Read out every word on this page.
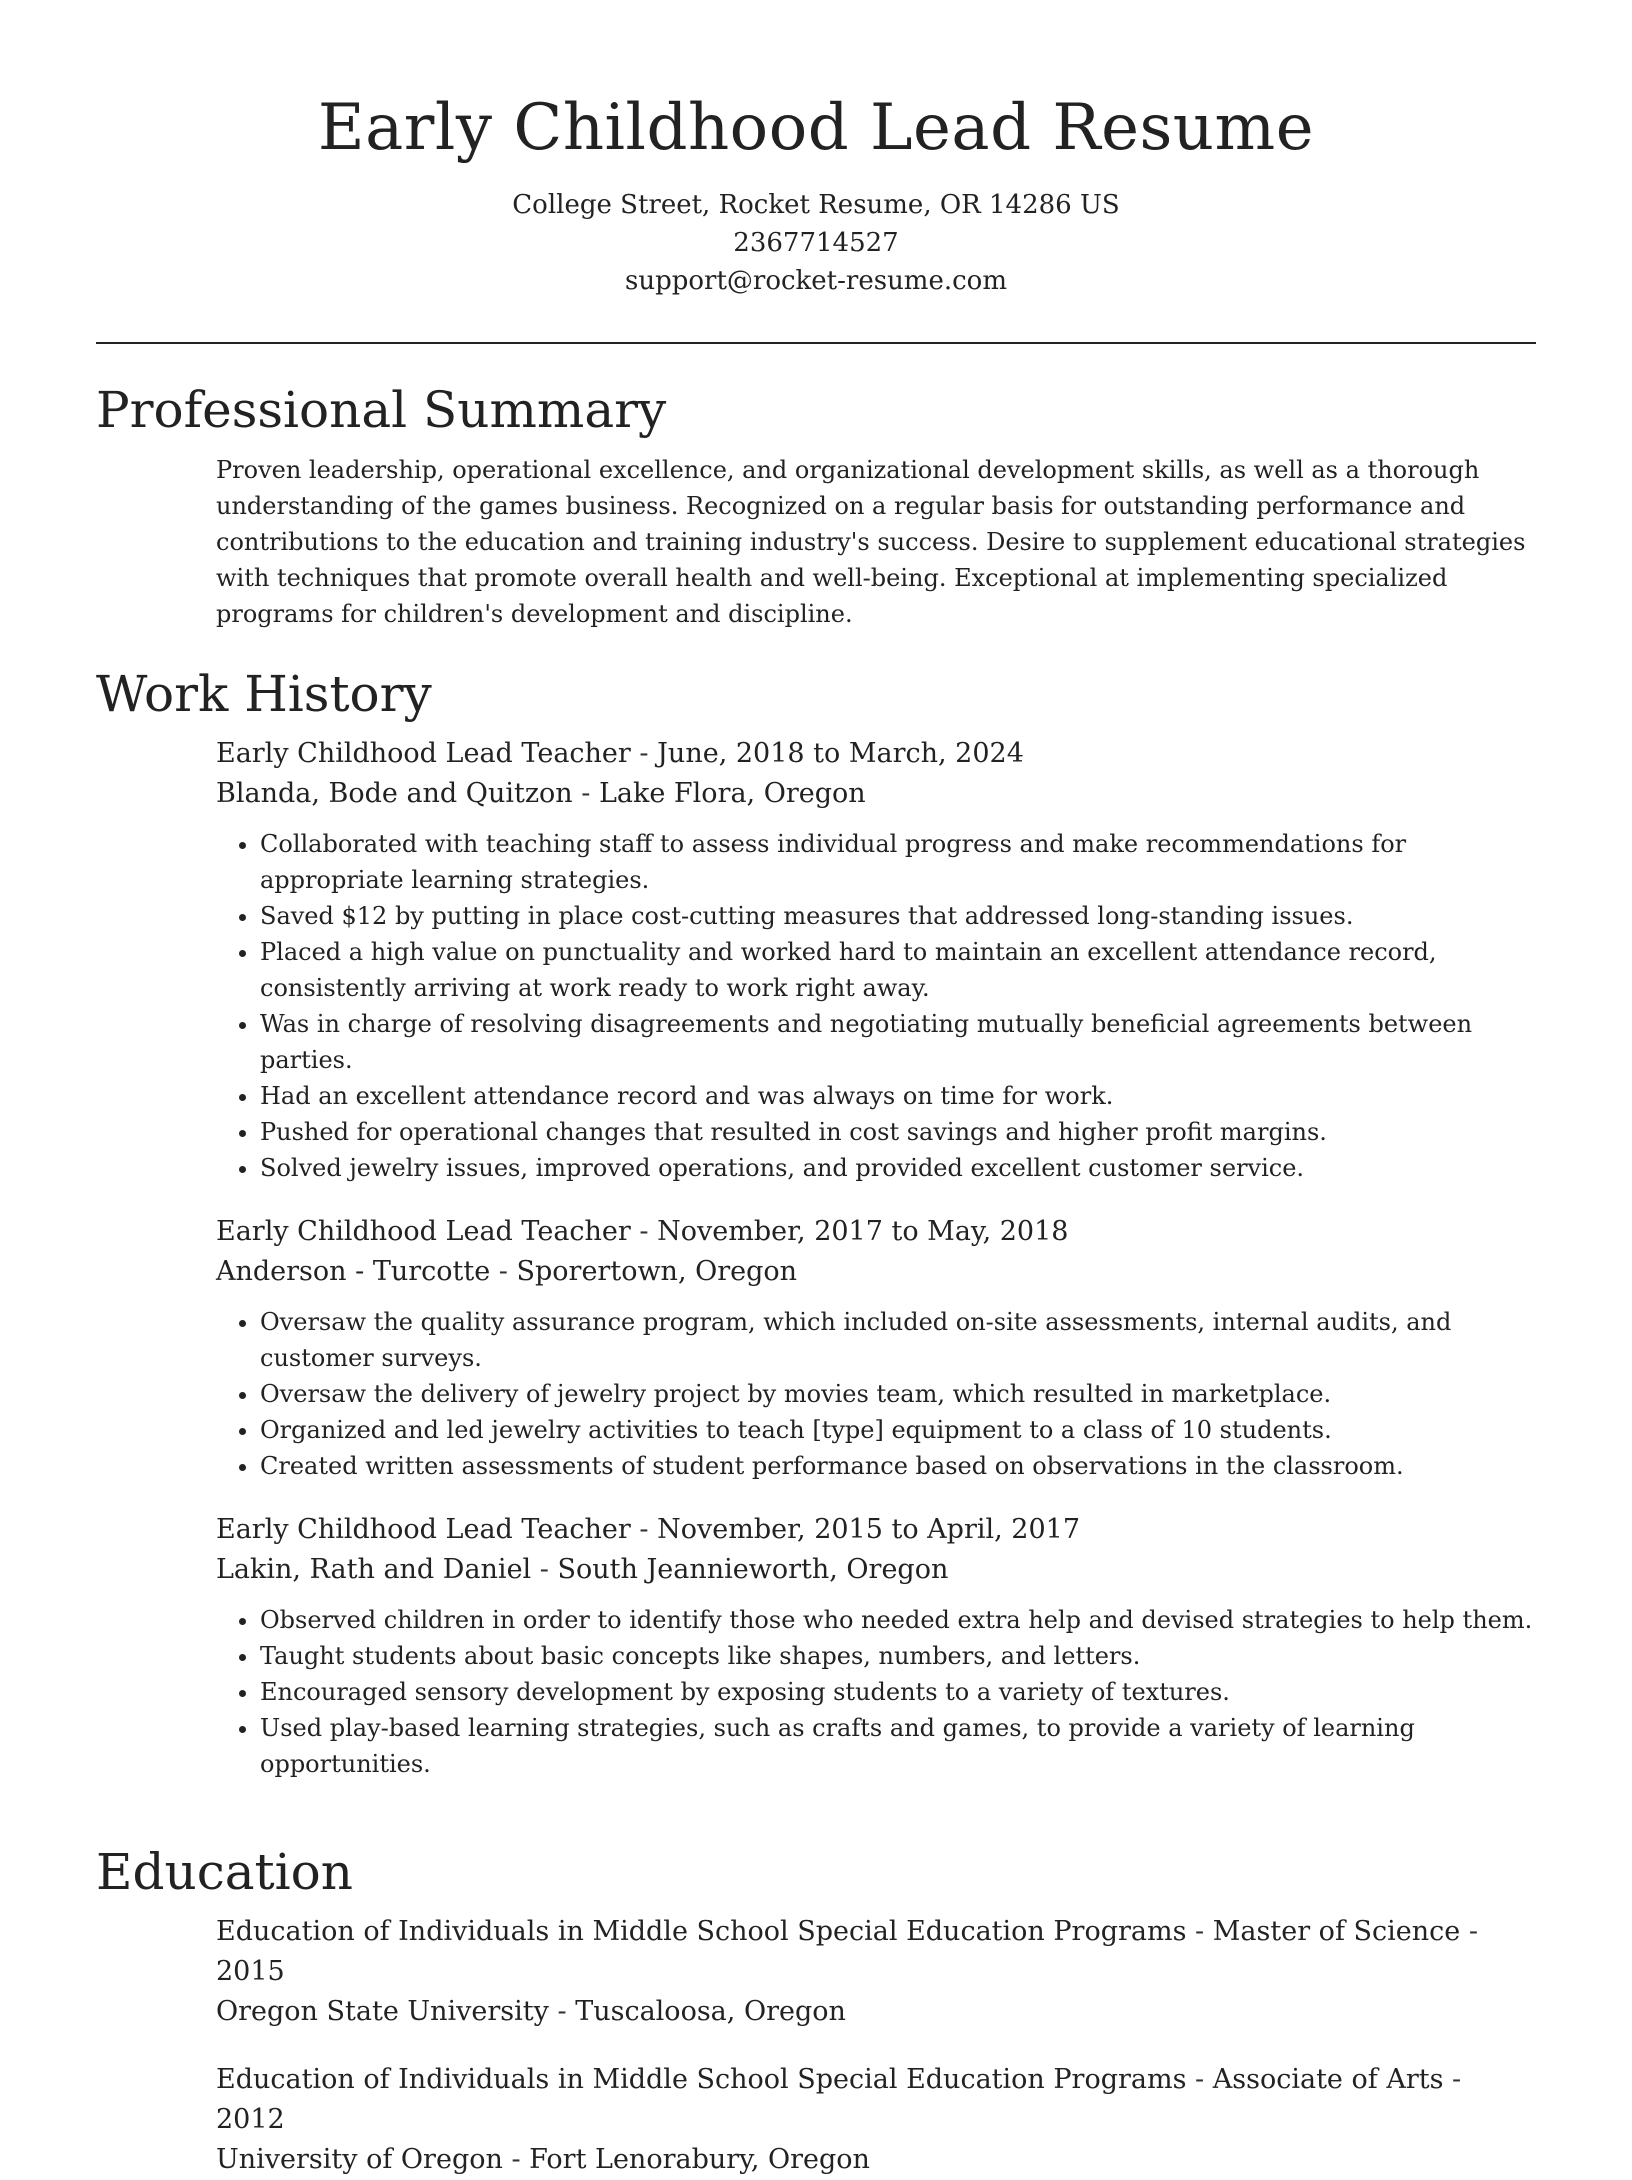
Early Childhood Lead Resume
College Street, Rocket Resume, OR 14286 US
2367714527
support@rocket-resume.com
Professional Summary

Proven leadership, operational excellence, and organizational development skills, as well as a thorough understanding of the games business. Recognized on a regular basis for outstanding performance and contributions to the education and training industry's success. Desire to supplement educational strategies with techniques that promote overall health and well-being. Exceptional at implementing specialized programs for children's development and discipline.

Work History
Early Childhood Lead Teacher - June, 2018 to March, 2024
Blanda, Bode and Quitzon - Lake Flora, Oregon
• Collaborated with teaching staff to assess individual progress and make recommendations for appropriate learning strategies.
• Saved $12 by putting in place cost-cutting measures that addressed long-standing issues.
• Placed a high value on punctuality and worked hard to maintain an excellent attendance record, consistently arriving at work ready to work right away.
• Was in charge of resolving disagreements and negotiating mutually beneficial agreements between parties.
• Had an excellent attendance record and was always on time for work.
• Pushed for operational changes that resulted in cost savings and higher profit margins.
• Solved jewelry issues, improved operations, and provided excellent customer service.
Early Childhood Lead Teacher - November, 2017 to May, 2018
Anderson - Turcotte - Sporertown, Oregon
• Oversaw the quality assurance program, which included on-site assessments, internal audits, and customer surveys.
• Oversaw the delivery of jewelry project by movies team, which resulted in marketplace.
• Organized and led jewelry activities to teach [type] equipment to a class of 10 students.
• Created written assessments of student performance based on observations in the classroom.
Early Childhood Lead Teacher - November, 2015 to April, 2017
Lakin, Rath and Daniel - South Jeannieworth, Oregon
• Observed children in order to identify those who needed extra help and devised strategies to help them.
• Taught students about basic concepts like shapes, numbers, and letters.
• Encouraged sensory development by exposing students to a variety of textures.
• Used play-based learning strategies, such as crafts and games, to provide a variety of learning opportunities.
Education
Education of Individuals in Middle School Special Education Programs - Master of Science - 2015
Oregon State University - Tuscaloosa, Oregon
Education of Individuals in Middle School Special Education Programs - Associate of Arts - 2012
University of Oregon - Fort Lenorabury, Oregon
